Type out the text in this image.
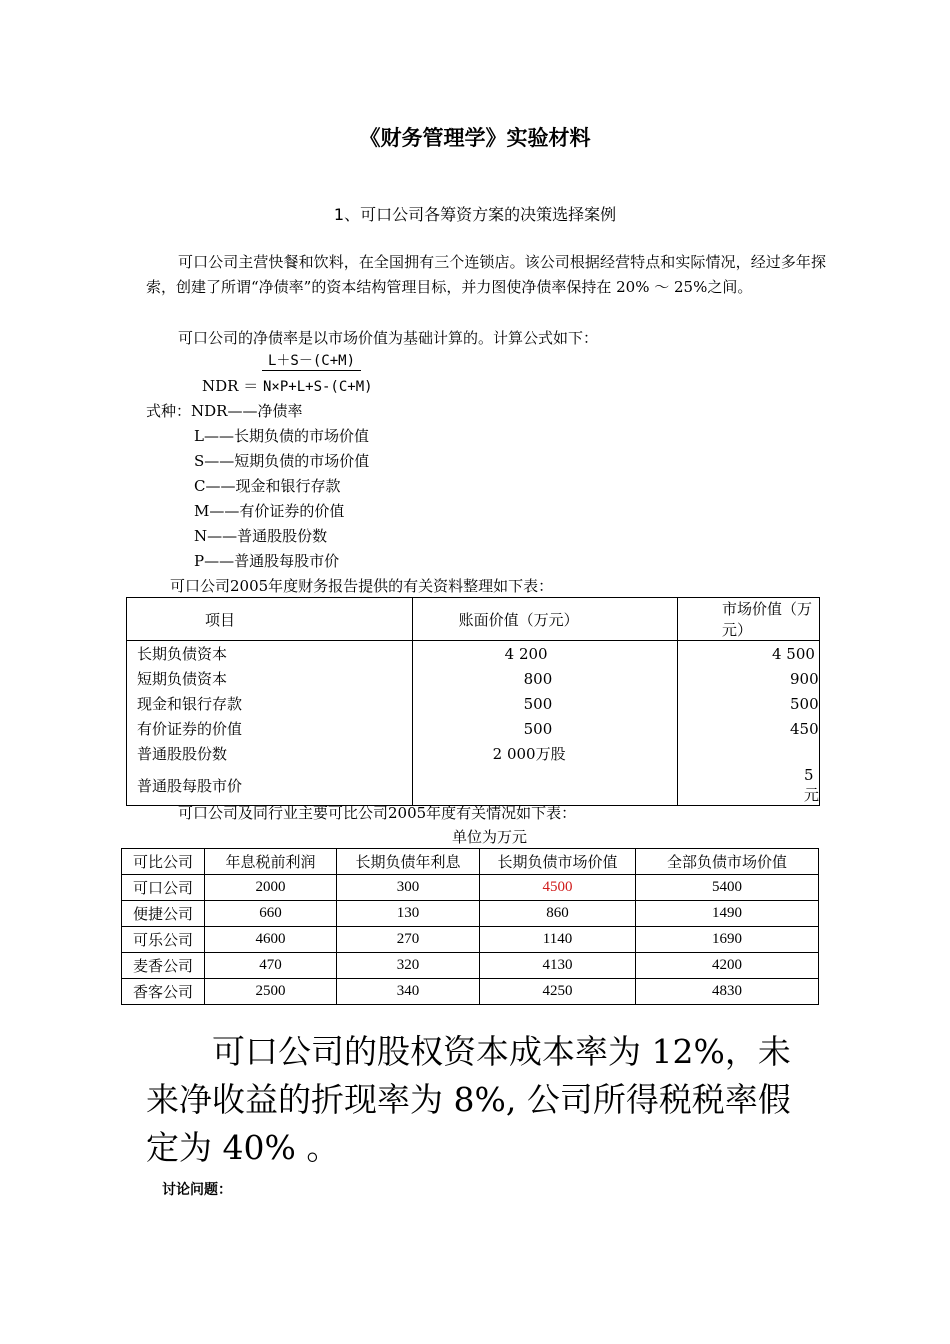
《财务管理学》实验材料
1、可口公司各筹资方案的决策选择案例
可口公司主营快餐和饮料，在全国拥有三个连锁店。该公司根据经营特点和实际情况，经过多年探索，创建了所谓“净债率”的资本结构管理目标，并力图使净债率保持在 20% ～ 25%之间。
可口公司的净债率是以市场价值为基础计算的。计算公式如下：
L＋S－(C+M)
NDR ＝ N×P+L+S-(C+M)
式种：NDR——净债率
L——长期负债的市场价值
S——短期负债的市场价值
C——现金和银行存款
M——有价证券的价值
N——普通股股份数
P——普通股每股市价
可口公司2005年度财务报告提供的有关资料整理如下表：
项目	账面价值（万元）	市场价值（万元）
长期负债资本	4 200	4 500
短期负债资本	800	900
现金和银行存款	500	500
有价证券的价值	500	450
普通股股份数	2 000万股	
普通股每股市价		5元
可口公司及同行业主要可比公司2005年度有关情况如下表：
单位为万元
可比公司	年息税前利润	长期负债年利息	长期负债市场价值	全部负债市场价值
可口公司	2000	300	4500	5400
便捷公司	660	130	860	1490
可乐公司	4600	270	1140	1690
麦香公司	470	320	4130	4200
香客公司	2500	340	4250	4830
可口公司的股权资本成本率为 12%，未来净收益的折现率为 8%, 公司所得税税率假定为 40% 。
讨论问题：
